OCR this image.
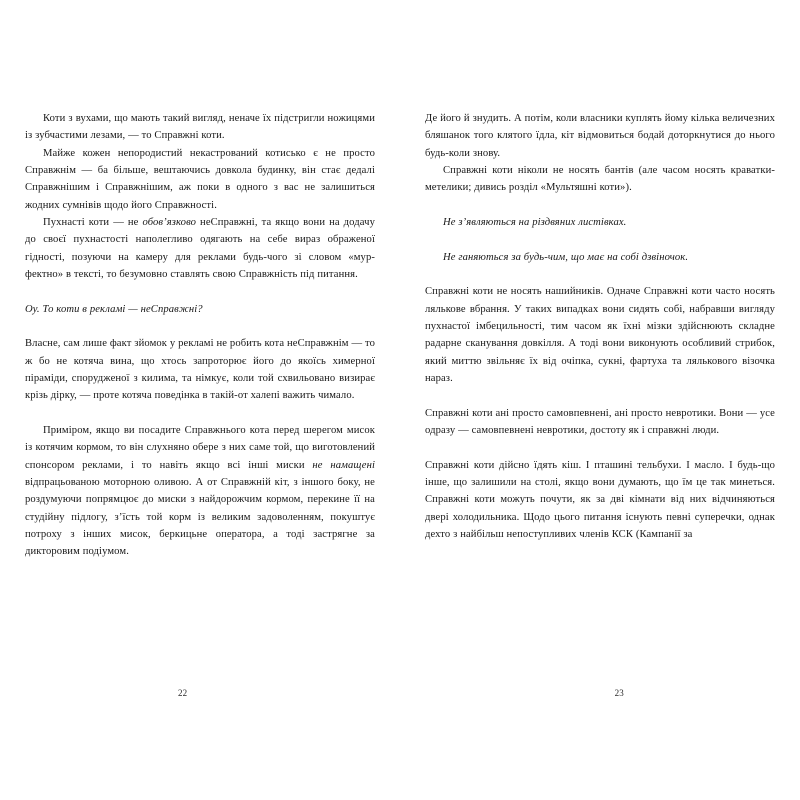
Коти з вухами, що мають такий вигляд, неначе їх підстригли ножицями із зубчастими лезами, — то Справжні коти.

Майже кожен непородистий некастрований котисько є не просто Справжнім — ба більше, вештаючись довкола будинку, він стає дедалі Справжнішим і Справжнішим, аж поки в одного з вас не залишиться жодних сумнівів щодо його Справжності.

Пухнасті коти — не обов’язково неСправжні, та якщо вони на додачу до своєї пухнастості наполегливо одягають на себе вираз ображеної гідності, позуючи на камеру для реклами будь-чого зі словом «мур-фектно» в тексті, то безумовно ставлять свою Справжність під питання.

Оу. То коти в рекламі — неСправжні?

Власне, сам лише факт зйомок у рекламі не робить кота неСправжнім — то ж бо не котяча вина, що хтось запроторює його до якоїсь химерної піраміди, спорудженої з килима, та німкує, коли той схвильовано визирає крізь дірку, — проте котяча поведінка в такій-от халепі важить чимало.

Приміром, якщо ви посадите Справжнього кота перед шерегом мисок із котячим кормом, то він слухняно обере з них саме той, що виготовлений спонсором реклами, і то навіть якщо всі інші миски не намащені відпрацьованою моторною оливою. А от Справжній кіт, з іншого боку, не роздумуючи попрямцює до миски з найдорожчим кормом, перекине її на студійну підлогу, з’їсть той корм із великим задоволенням, покуштує потроху з інших мисок, беркицьне оператора, а тоді застрягне за дикторовим подіумом.

22

Де його й знудить. А потім, коли власники куплять йому кілька величезних бляшанок того клятого їдла, кіт відмовиться бодай доторкнутися до нього будь-коли знову.

Справжні коти ніколи не носять бантів (але часом носять краватки-метелики; дивись розділ «Мультяшні коти»).

Не з’являються на різдвяних листівках.

Не ганяються за будь-чим, що має на собі дзвіночок.

Справжні коти не носять нашийників. Одначе Справжні коти часто носять лялькове вбрання. У таких випадках вони сидять собі, набравши вигляду пухнастої імбецильності, тим часом як їхні мізки здійснюють складне радарне сканування довкілля. А тоді вони виконують особливий стрибок, який миттю звільняє їх від очіпка, сукні, фартуха та лялькового візочка нараз.

Справжні коти ані просто самовпевнені, ані просто невротики. Вони — усе одразу — самовпевнені невротики, достоту як і справжні люди.

Справжні коти дійсно їдять кіш. І пташині тельбухи. І масло. І будь-що інше, що залишили на столі, якщо вони думають, що їм це так минеться. Справжні коти можуть почути, як за дві кімнати від них відчиняються двері холодильника. Щодо цього питання існують певні суперечки, однак дехто з найбільш непоступливих членів КСК (Кампанії за

23
